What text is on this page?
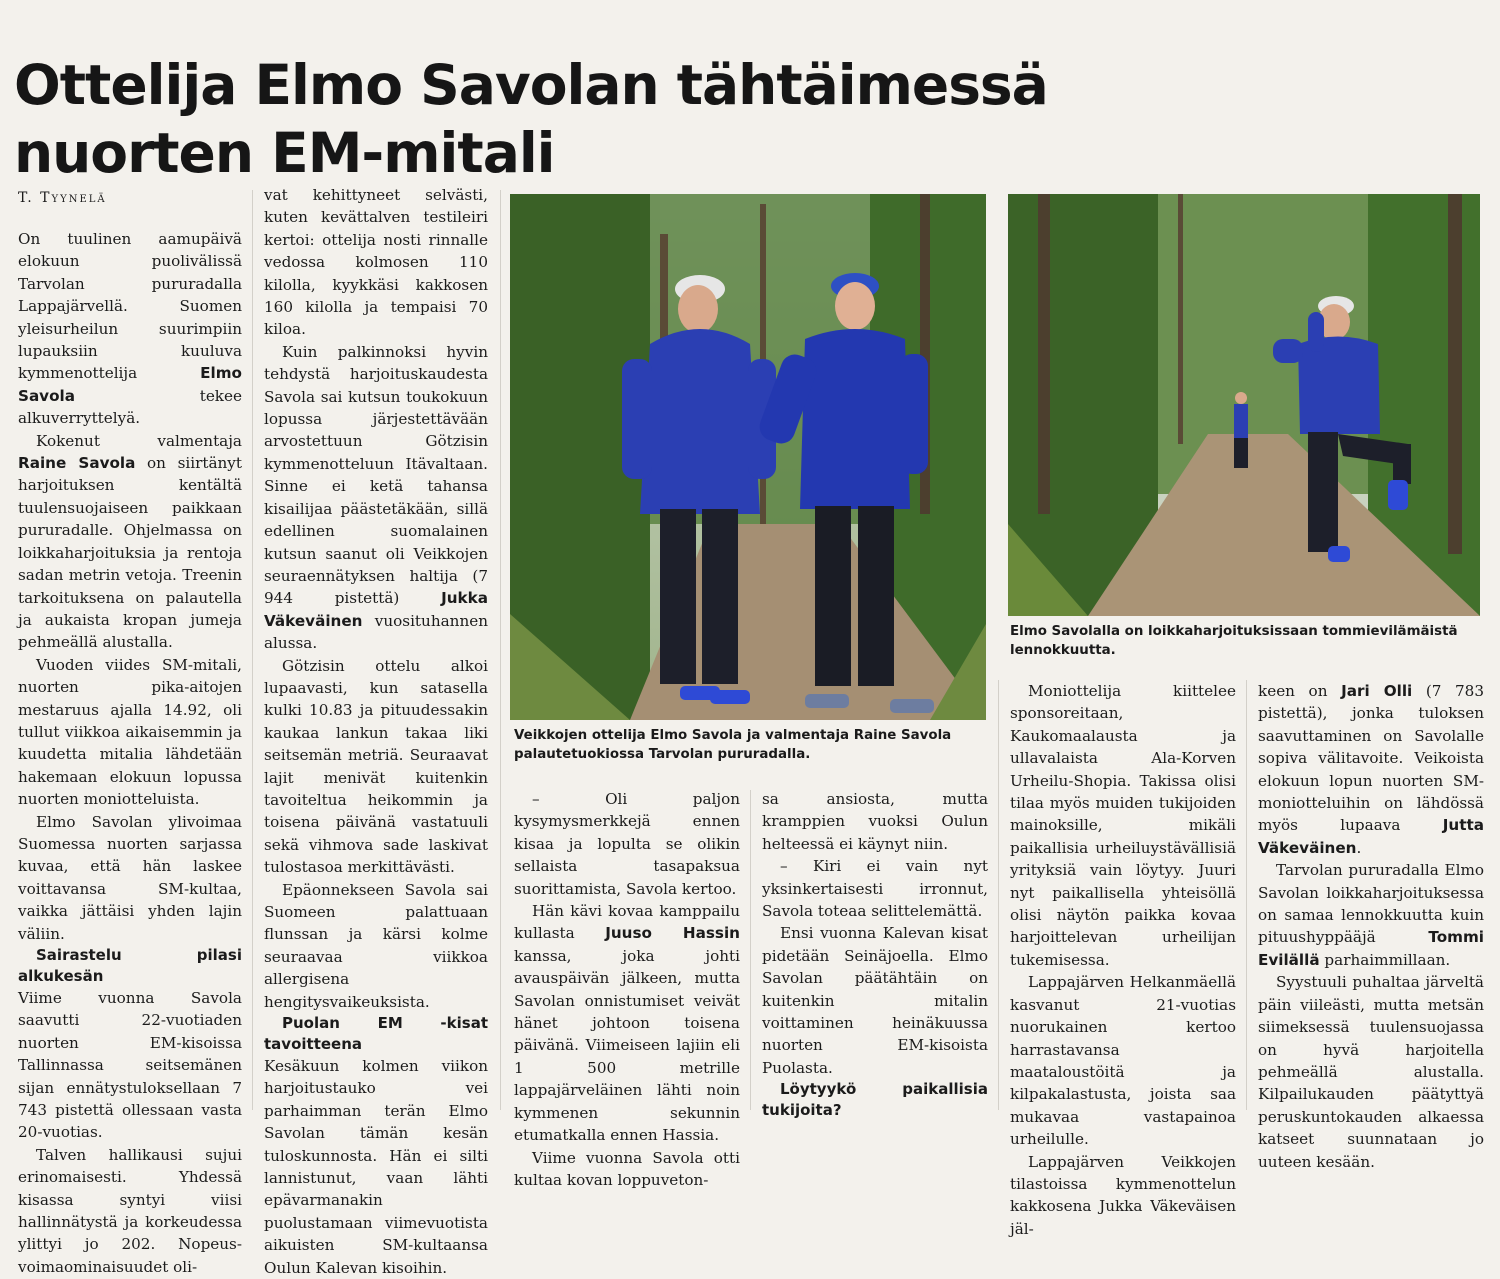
Ottelija Elmo Savolan tähtäimessä
nuorten EM-mitali
T. Tyynelä

On tuulinen aamupäivä elokuun puolivälissä Tarvolan pururadalla Lappajärvellä. Suomen yleisurheilun suurimpiin lupauksiin kuuluva kymmenottelija Elmo Savola tekee alkuverryttelyä.

Kokenut valmentaja Raine Savola on siirtänyt harjoituksen kentältä tuulensuojaiseen paikkaan pururadalle. Ohjelmassa on loikkaharjoituksia ja rentoja sadan metrin vetoja. Treenin tarkoituksena on palautella ja aukaista kropan jumeja pehmeällä alustalla.

Vuoden viides SM-mitali, nuorten pika-aitojen mestaruus ajalla 14.92, oli tullut viikkoa aikaisemmin ja kuudetta mitalia lähdetään hakemaan elokuun lopussa nuorten moniotteluista.

Elmo Savolan ylivoimaa Suomessa nuorten sarjassa kuvaa, että hän laskee voittavansa SM-kultaa, vaikka jättäisi yhden lajin väliin.

Sairastelu pilasi alkukesän

Viime vuonna Savola saavutti 22-vuotiaden nuorten EM-kisoissa Tallinnassa seitsemänen sijan ennätystuloksellaan 7 743 pistettä ollessaan vasta 20-vuotias.

Talven hallikausi sujui erinomaisesti. Yhdessä kisassa syntyi viisi hallinnätystä ja korkeudessa ylittyi jo 202. Nopeus-voimaominaisuudet oli-

vat kehittyneet selvästi, kuten kevättalven testileiri kertoi: ottelija nosti rinnalle vedossa kolmosen 110 kilolla, kyykkäsi kakkosen 160 kilolla ja tempaisi 70 kiloa.

Kuin palkinnoksi hyvin tehdystä harjoituskaudesta Savola sai kutsun toukokuun lopussa järjestettävään arvostettuun Götzisin kymmenotteluun Itävaltaan. Sinne ei ketä tahansa kisailijaa päästetäkään, sillä edellinen suomalainen kutsun saanut oli Veikkojen seuraennätyksen haltija (7 944 pistettä) Jukka Väkeväinen vuosituhannen alussa.

Götzisin ottelu alkoi lupaavasti, kun satasella kulki 10.83 ja pituudessakin kaukaa lankun takaa liki seitsemän metriä. Seuraavat lajit menivät kuitenkin tavoiteltua heikommin ja toisena päivänä vastatuuli sekä vihmova sade laskivat tulostasoa merkittävästi.

Epäonnekseen Savola sai Suomeen palattuaan flunssan ja kärsi kolme seuraavaa viikkoa allergisena hengitysvaikeuksista.

Puolan EM -kisat tavoitteena

Kesäkuun kolmen viikon harjoitustauko vei parhaimman terän Elmo Savolan tämän kesän tuloskunnosta. Hän ei silti lannistunut, vaan lähti epävarmanakin puolustamaan viimevuotista aikuisten SM-kultaansa Oulun Kalevan kisoihin.

Veikkojen ottelija Elmo Savola ja valmentaja Raine Savola palautetuokiossa Tarvolan pururadalla.
Elmo Savolalla on loikkaharjoituksissaan tommievilämäistä lennokkuutta.

– Oli paljon kysymysmerkkejä ennen kisaa ja lopulta se olikin sellaista tasapaksua suorittamista, Savola kertoo.

Hän kävi kovaa kamppailu kullasta Juuso Hassin kanssa, joka johti avauspäivän jälkeen, mutta Savolan onnistumiset veivät hänet johtoon toisena päivänä. Viimeiseen lajiin eli 1 500 metrille lappajärveläinen lähti noin kymmenen sekunnin etumatkalla ennen Hassia.

Viime vuonna Savola otti kultaa kovan loppuveton-

sa ansiosta, mutta kramppien vuoksi Oulun helteessä ei käynyt niin.

– Kiri ei vain nyt yksinkertaisesti irronnut, Savola toteaa selittelemättä.

Ensi vuonna Kalevan kisat pidetään Seinäjoella. Elmo Savolan päätähtäin on kuitenkin mitalin voittaminen heinäkuussa nuorten EM-kisoista Puolasta.

Löytyykö paikallisia tukijoita?

Moniottelija kiittelee sponsoreitaan, Kaukomaalausta ja ullavalaista Ala-Korven Urheilu-Shopia. Takissa olisi tilaa myös muiden tukijoiden mainoksille, mikäli paikallisia urheiluystävällisiä yrityksiä vain löytyy. Juuri nyt paikallisella yhteisöllä olisi näytön paikka kovaa harjoittelevan urheilijan tukemisessa.

Lappajärven Helkanmäellä kasvanut 21-vuotias nuorukainen kertoo harrastavansa maataloustöitä ja kilpakalastusta, joista saa mukavaa vastapainoa urheilulle.

Lappajärven Veikkojen tilastoissa kymmenottelun kakkosena Jukka Väkeväisen jäl-

keen on Jari Olli (7 783 pistettä), jonka tuloksen saavuttaminen on Savolalle sopiva välitavoite. Veikoista elokuun lopun nuorten SM-moniotteluihin on lähdössä myös lupaava Jutta Väkeväinen.

Tarvolan pururadalla Elmo Savolan loikkaharjoituksessa on samaa lennokkuutta kuin pituushyppääjä Tommi Evilällä parhaimmillaan.

Syystuuli puhaltaa järveltä päin viileästi, mutta metsän siimeksessä tuulensuojassa on hyvä harjoitella pehmeällä alustalla. Kilpailukauden päätyttyä peruskuntokauden alkaessa katseet suunnataan jo uuteen kesään.
